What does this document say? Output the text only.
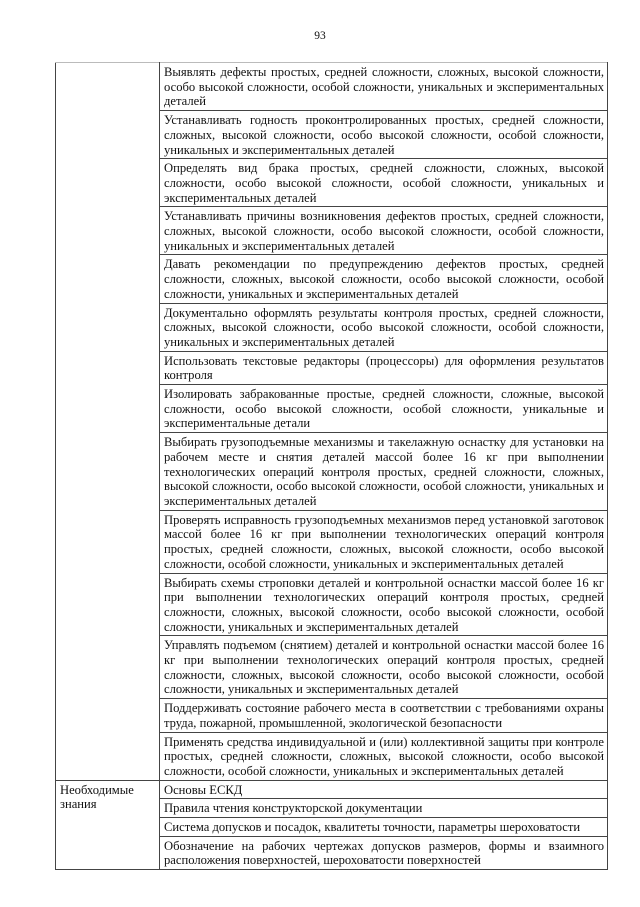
93
	Выявлять дефекты простых, средней сложности, сложных, высокой сложности, особо высокой сложности, особой сложности, уникальных и экспериментальных деталей
	Устанавливать годность проконтролированных простых, средней сложности, сложных, высокой сложности, особо высокой сложности, особой сложности, уникальных и экспериментальных деталей
	Определять вид брака простых, средней сложности, сложных, высокой сложности, особо высокой сложности, особой сложности, уникальных и экспериментальных деталей
	Устанавливать причины возникновения дефектов простых, средней сложности, сложных, высокой сложности, особо высокой сложности, особой сложности, уникальных и экспериментальных деталей
	Давать рекомендации по предупреждению дефектов простых, средней сложности, сложных, высокой сложности, особо высокой сложности, особой сложности, уникальных и экспериментальных деталей
	Документально оформлять результаты контроля простых, средней сложности, сложных, высокой сложности, особо высокой сложности, особой сложности, уникальных и экспериментальных деталей
	Использовать текстовые редакторы (процессоры) для оформления результатов контроля
	Изолировать забракованные простые, средней сложности, сложные, высокой сложности, особо высокой сложности, особой сложности, уникальные и экспериментальные детали
	Выбирать грузоподъемные механизмы и такелажную оснастку для установки на рабочем месте и снятия деталей массой более 16 кг при выполнении технологических операций контроля простых, средней сложности, сложных, высокой сложности, особо высокой сложности, особой сложности, уникальных и экспериментальных деталей
	Проверять исправность грузоподъемных механизмов перед установкой заготовок массой более 16 кг при выполнении технологических операций контроля простых, средней сложности, сложных, высокой сложности, особо высокой сложности, особой сложности, уникальных и экспериментальных деталей
	Выбирать схемы строповки деталей и контрольной оснастки массой более 16 кг при выполнении технологических операций контроля простых, средней сложности, сложных, высокой сложности, особо высокой сложности, особой сложности, уникальных и экспериментальных деталей
	Управлять подъемом (снятием) деталей и контрольной оснастки массой более 16 кг при выполнении технологических операций контроля простых, средней сложности, сложных, высокой сложности, особо высокой сложности, особой сложности, уникальных и экспериментальных деталей
	Поддерживать состояние рабочего места в соответствии с требованиями охраны труда, пожарной, промышленной, экологической безопасности
	Применять средства индивидуальной и (или) коллективной защиты при контроле простых, средней сложности, сложных, высокой сложности, особо высокой сложности, особой сложности, уникальных и экспериментальных деталей
Необходимые знания	Основы ЕСКД
	Правила чтения конструкторской документации
	Система допусков и посадок, квалитеты точности, параметры шероховатости
	Обозначение на рабочих чертежах допусков размеров, формы и взаимного расположения поверхностей, шероховатости поверхностей
